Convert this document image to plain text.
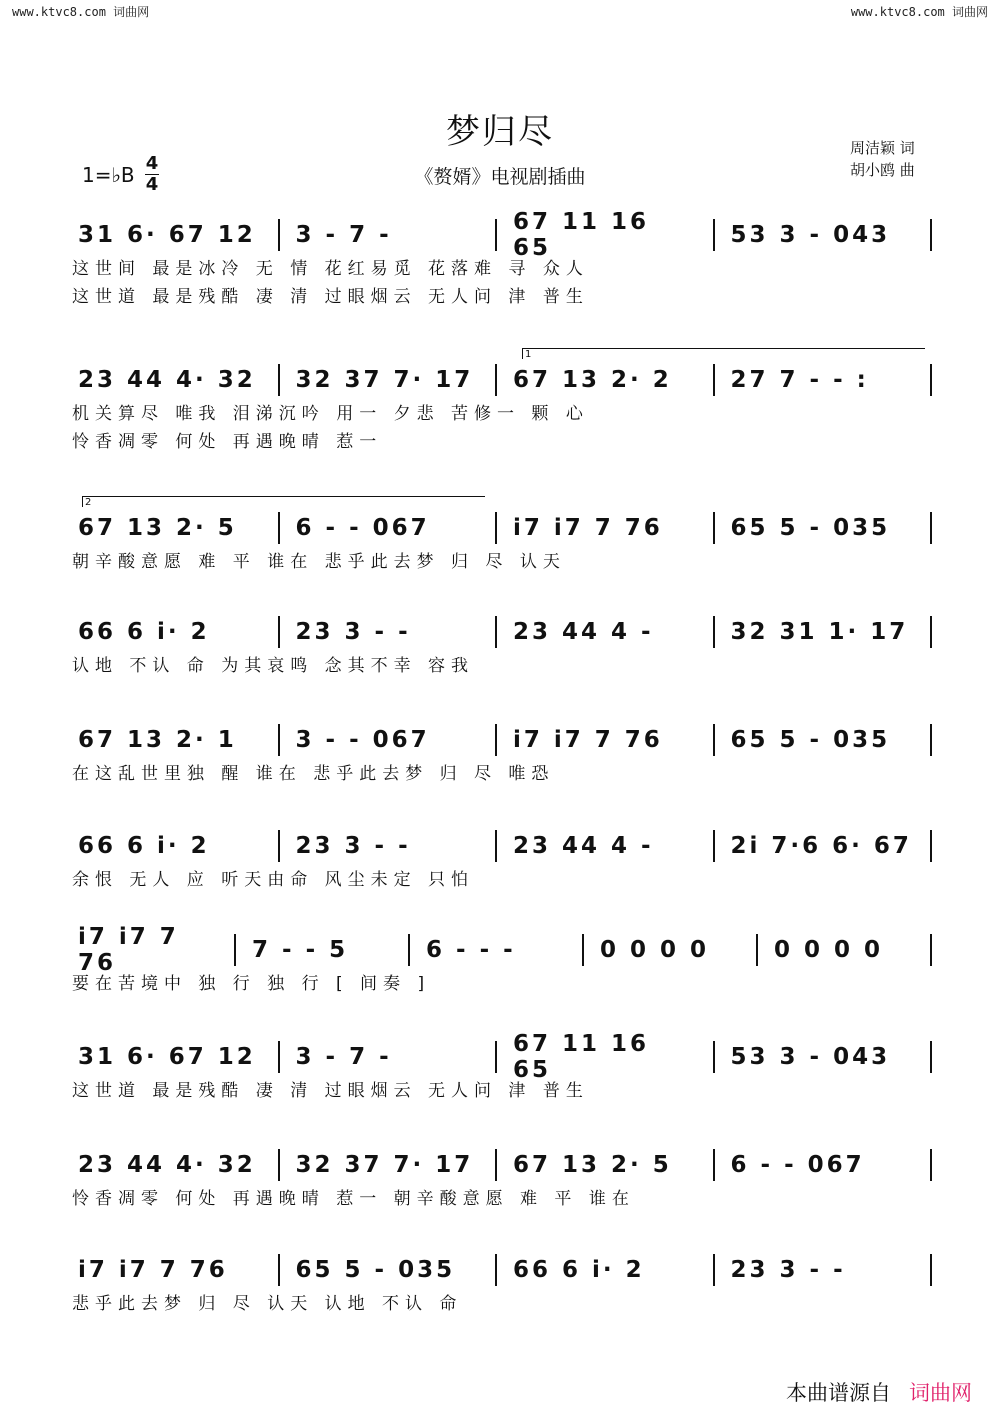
www.ktvc8.com 词曲网	www.ktvc8.com 词曲网
梦归尽
《赘婿》电视剧插曲
1=♭B 4
4
周洁颖 词
胡小鸥 曲
31 6· 67 12	3 - 7 -	67 11 16 65	53 3 - 043
这世间 最是冰冷 无 情 花红易觅 花落难 寻 众人
这世道 最是残酷 凄 清 过眼烟云 无人问 津 普生
23 44 4· 32	32 37 7· 17	67 13 2· 2	27 7 - - :
机关算尽 唯我 泪涕沉吟 用一 夕悲 苦修一 颗 心
怜香凋零 何处 再遇晚晴 惹一
1
67 13 2· 5	6 - - 067	i7 i7 7 76	65 5 - 035
朝辛酸意愿 难 平 谁在 悲乎此去梦 归 尽 认天
2
66 6 i· 2	23 3 - -	23 44 4 -	32 31 1· 17
认地 不认 命 为其哀鸣 念其不幸 容我
67 13 2· 1	3 - - 067	i7 i7 7 76	65 5 - 035
在这乱世里独 醒 谁在 悲乎此去梦 归 尽 唯恐
66 6 i· 2	23 3 - -	23 44 4 -	2i 7·6 6· 67
余恨 无人 应 听天由命 风尘未定 只怕
i7 i7 7 76	7 - - 5	6 - - -	0 0 0 0	0 0 0 0
要在苦境中 独 行 独 行 [ 间奏 ]
31 6· 67 12	3 - 7 -	67 11 16 65	53 3 - 043
这世道 最是残酷 凄 清 过眼烟云 无人问 津 普生
23 44 4· 32	32 37 7· 17	67 13 2· 5	6 - - 067
怜香凋零 何处 再遇晚晴 惹一 朝辛酸意愿 难 平 谁在
i7 i7 7 76	65 5 - 035	66 6 i· 2	23 3 - -
悲乎此去梦 归 尽 认天 认地 不认 命
本曲谱源自 词曲网
